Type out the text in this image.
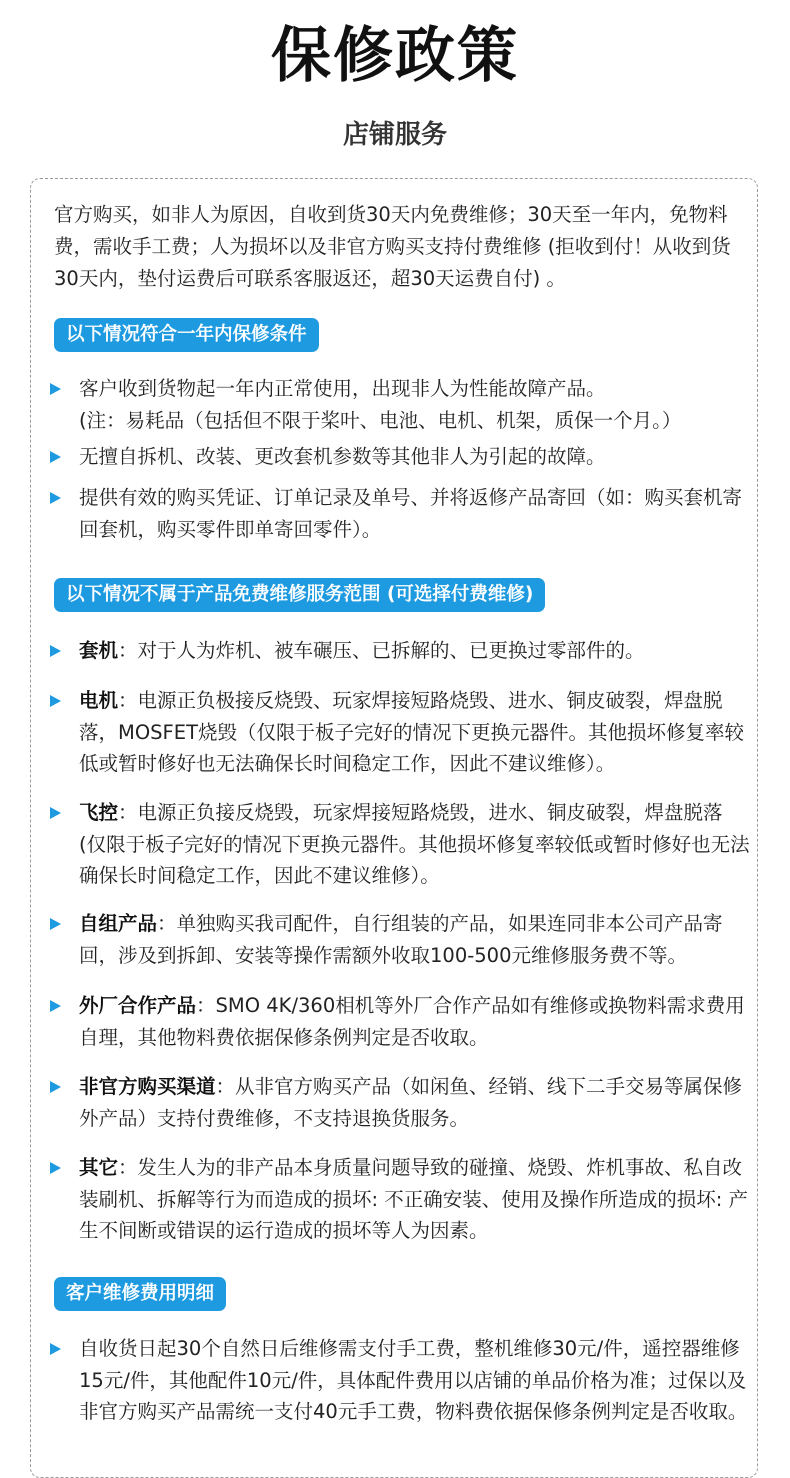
保修政策
店铺服务
官方购买，如非人为原因，自收到货30天内免费维修；30天至一年内，免物料费，需收手工费；人为损坏以及非官方购买支持付费维修 (拒收到付！从收到货30天内，垫付运费后可联系客服返还，超30天运费自付) 。
以下情况符合一年内保修条件
客户收到货物起一年内正常使用，出现非人为性能故障产品。
(注：易耗品（包括但不限于桨叶、电池、电机、机架，质保一个月。）
无擅自拆机、改装、更改套机参数等其他非人为引起的故障。
提供有效的购买凭证、订单记录及单号、并将返修产品寄回（如：购买套机寄回套机，购买零件即单寄回零件）。
以下情况不属于产品免费维修服务范围 (可选择付费维修)
套机：对于人为炸机、被车碾压、已拆解的、已更换过零部件的。
电机：电源正负极接反烧毁、玩家焊接短路烧毁、进水、铜皮破裂，焊盘脱落，MOSFET烧毁（仅限于板子完好的情况下更换元器件。其他损坏修复率较低或暂时修好也无法确保长时间稳定工作，因此不建议维修）。
飞控：电源正负接反烧毁，玩家焊接短路烧毁，进水、铜皮破裂，焊盘脱落 (仅限于板子完好的情况下更换元器件。其他损坏修复率较低或暂时修好也无法确保长时间稳定工作，因此不建议维修）。
自组产品：单独购买我司配件，自行组装的产品，如果连同非本公司产品寄回，涉及到拆卸、安装等操作需额外收取100-500元维修服务费不等。
外厂合作产品：SMO 4K/360相机等外厂合作产品如有维修或换物料需求费用自理，其他物料费依据保修条例判定是否收取。
非官方购买渠道：从非官方购买产品（如闲鱼、经销、线下二手交易等属保修外产品）支持付费维修，不支持退换货服务。
其它：发生人为的非产品本身质量问题导致的碰撞、烧毁、炸机事故、私自改装刷机、拆解等行为而造成的损坏: 不正确安装、使用及操作所造成的损坏: 产生不间断或错误的运行造成的损坏等人为因素。
客户维修费用明细
自收货日起30个自然日后维修需支付手工费，整机维修30元/件，遥控器维修15元/件，其他配件10元/件，具体配件费用以店铺的单品价格为准；过保以及非官方购买产品需统一支付40元手工费，物料费依据保修条例判定是否收取。
